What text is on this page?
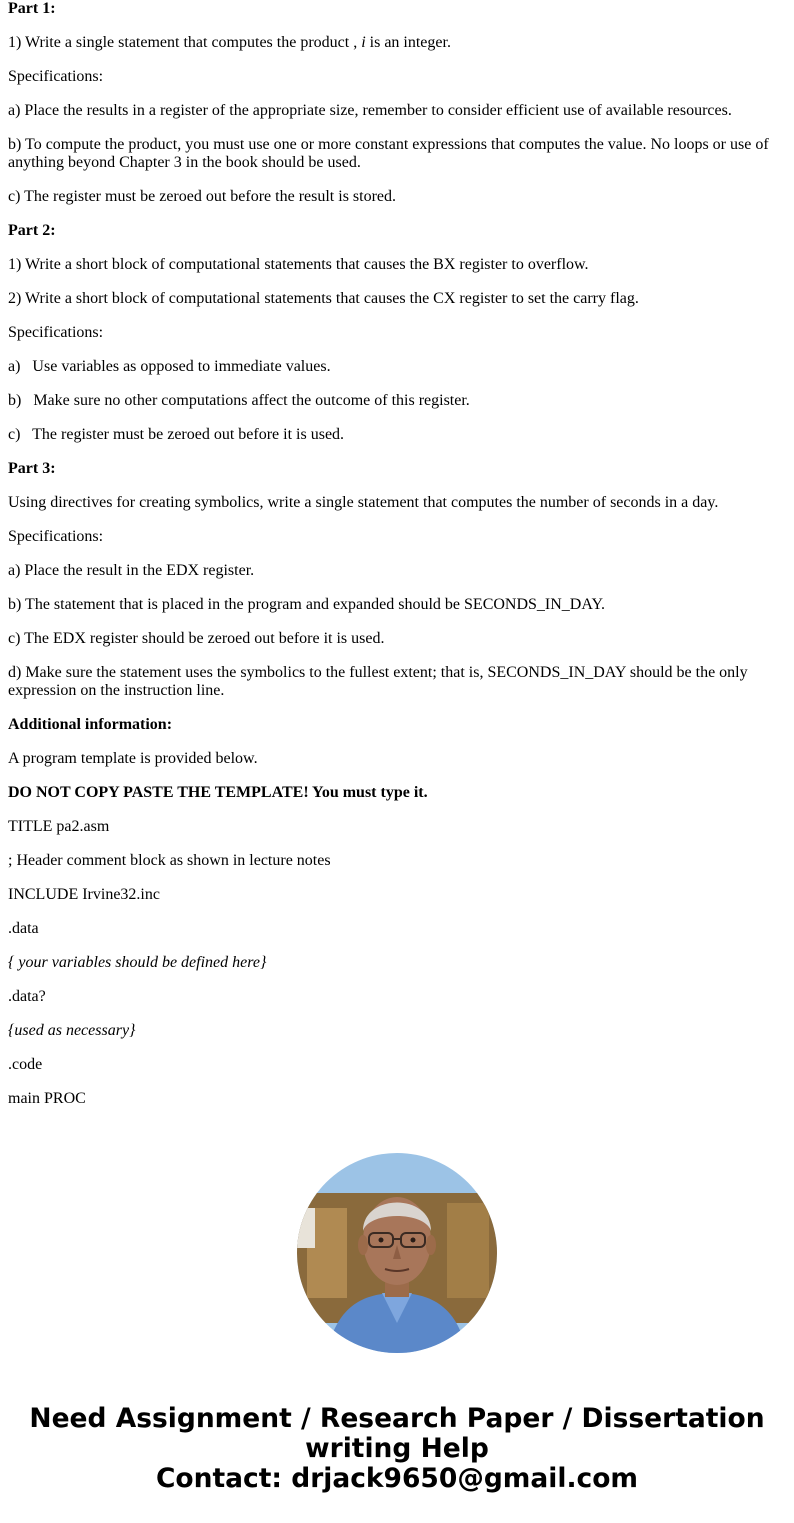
Part 1:

1) Write a single statement that computes the product , i is an integer.

Specifications:

a) Place the results in a register of the appropriate size, remember to consider efficient use of available resources.

b) To compute the product, you must use one or more constant expressions that computes the value. No loops or use of anything beyond Chapter 3 in the book should be used.

c) The register must be zeroed out before the result is stored.

Part 2:

1) Write a short block of computational statements that causes the BX register to overflow.

2) Write a short block of computational statements that causes the CX register to set the carry flag.

Specifications:

a)   Use variables as opposed to immediate values.

b)   Make sure no other computations affect the outcome of this register.

c)   The register must be zeroed out before it is used.

Part 3:

Using directives for creating symbolics, write a single statement that computes the number of seconds in a day.

Specifications:

a) Place the result in the EDX register.

b) The statement that is placed in the program and expanded should be SECONDS_IN_DAY.

c) The EDX register should be zeroed out before it is used.

d) Make sure the statement uses the symbolics to the fullest extent; that is, SECONDS_IN_DAY should be the only expression on the instruction line.

Additional information:

A program template is provided below.

DO NOT COPY PASTE THE TEMPLATE! You must type it.

TITLE pa2.asm

; Header comment block as shown in lecture notes

INCLUDE Irvine32.inc

.data

{ your variables should be defined here}

.data?

{used as necessary}

.code

main PROC

Need Assignment / Research Paper / Dissertation
writing Help
Contact: drjack9650@gmail.com
